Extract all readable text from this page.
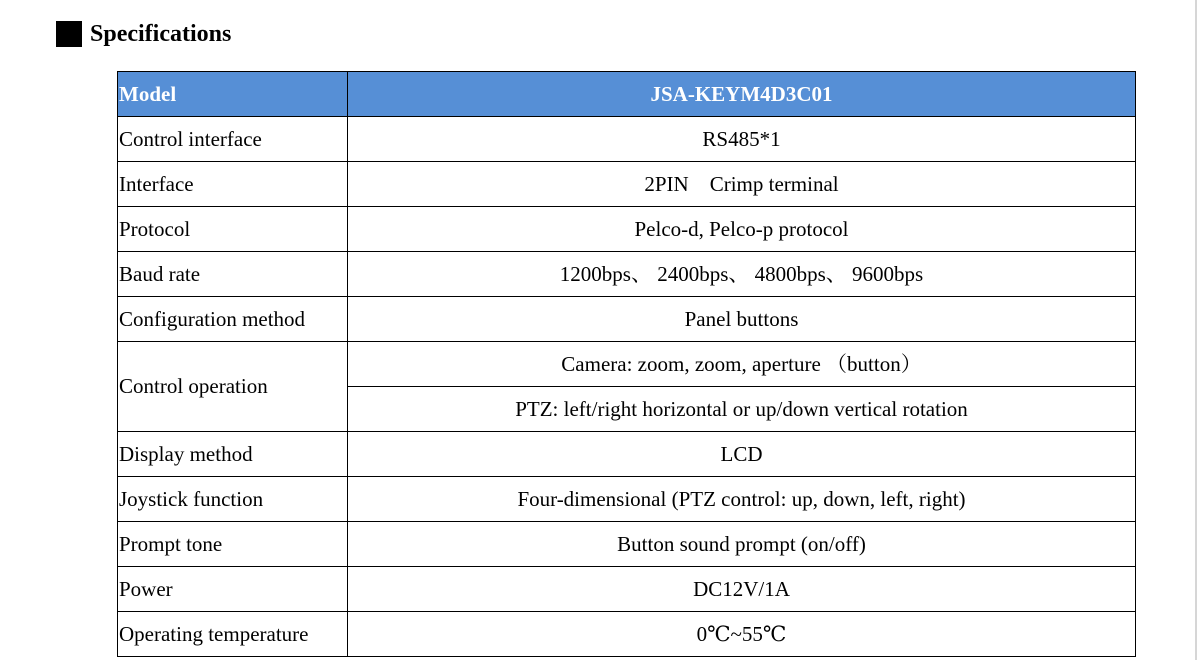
Specifications
Model	JSA-KEYM4D3C01
Control interface	RS485*1
Interface	2PIN　Crimp terminal
Protocol	Pelco-d, Pelco-p protocol
Baud rate	1200bps、 2400bps、 4800bps、 9600bps
Configuration method	Panel buttons
Control operation	Camera: zoom, zoom, aperture （button）
	PTZ: left/right horizontal or up/down vertical rotation
Display method	LCD
Joystick function	Four-dimensional (PTZ control: up, down, left, right)
Prompt tone	Button sound prompt (on/off)
Power	DC12V/1A
Operating temperature	0℃~55℃
